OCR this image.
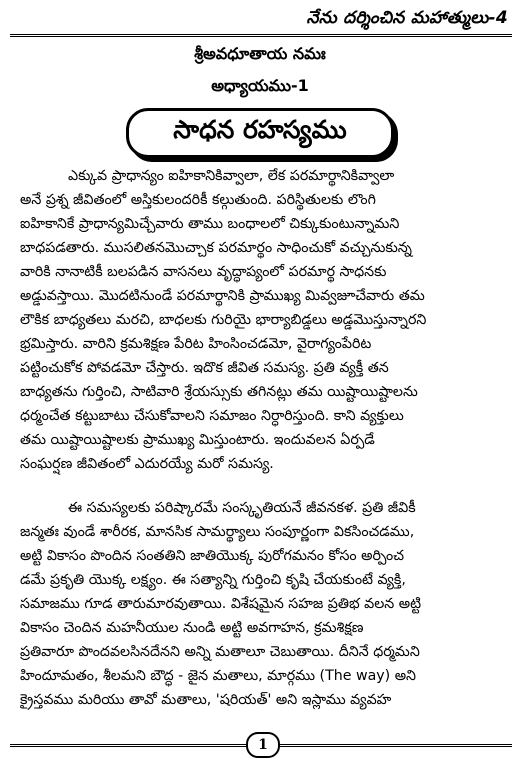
నేను దర్శించిన మహాత్ములు-4
శ్రీఅవధూతాయ నమః
అధ్యాయము-1
సాధన రహస్యము

ఎక్కువ ప్రాధాన్యం ఐహికానికివ్వాలా, లేక పరమార్థానికివ్వాలా

అనే ప్రశ్న జీవితంలో అస్తికులందరికీ కల్గుతుంది. పరిస్థితులకు లొంగి

ఐహికానికే ప్రాధాన్యమిచ్చేవారు తాము బంధాలలో చిక్కుకుంటున్నామని

బాధపడతారు. ముసలితనమొచ్చాక పరమార్థం సాధించుకో వచ్చునుకున్న

వారికి నానాటికీ బలపడిన వాసనలు వృద్ధాప్యంలో పరమార్థ సాధనకు

అడ్డువస్తాయి. మొదటినుండే పరమార్థానికి ప్రాముఖ్య మివ్వజూచేవారు తమ

లౌకిక బాధ్యతలు మరచి, బాధలకు గురియై భార్యాబిడ్డలు అడ్డమొస్తున్నారని

భ్రమిస్తారు. వారిని క్రమశిక్షణ పేరిట హింసించడమో, వైరాగ్యంపేరిట

పట్టించుకోక పోవడమో చేస్తారు. ఇదొక జీవిత సమస్య. ప్రతి వ్యక్తీ తన

బాధ్యతను గుర్తించి, సాటివారి శ్రేయస్సుకు తగినట్లు తమ యిష్టాయిష్టాలను

ధర్మంచేత కట్టుబాటు చేసుకోవాలని సమాజం నిర్ధారిస్తుంది. కాని వ్యక్తులు

తమ యిష్టాయిష్టాలకు ప్రాముఖ్య మిస్తుంటారు. ఇందువలన ఏర్పడే

సంఘర్షణ జీవితంలో ఎదురయ్యే మరో సమస్య.

ఈ సమస్యలకు పరిష్కారమే సంస్కృతియనే జీవనకళ. ప్రతి జీవికీ

జన్మతః వుండే శారీరక, మానసిక సామర్థ్యాలు సంపూర్ణంగా వికసించడము,

అట్టి వికాసం పొందిన సంతతిని జాతియొక్క పురోగమనం కోసం అర్పించ

డమే ప్రకృతి యొక్క లక్ష్యం. ఈ సత్యాన్ని గుర్తించి కృషి చేయకుంటే వ్యక్తి,

సమాజము గూడ తారుమారవుతాయి. విశేషమైన సహజ ప్రతిభ వలన అట్టి

వికాసం చెందిన మహనీయుల నుండి అట్టి అవగాహన, క్రమశిక్షణ

ప్రతివారూ పొందవలసినదేనని అన్ని మతాలూ చెబుతాయి. దీనినే ధర్మమని

హిందూమతం, శీలమని బౌద్ధ - జైన మతాలు, మార్గము (The way) అని

క్రైస్తవము మరియు తావో మతాలు, 'షరియత్' అని ఇస్లాము వ్యవహ

1
